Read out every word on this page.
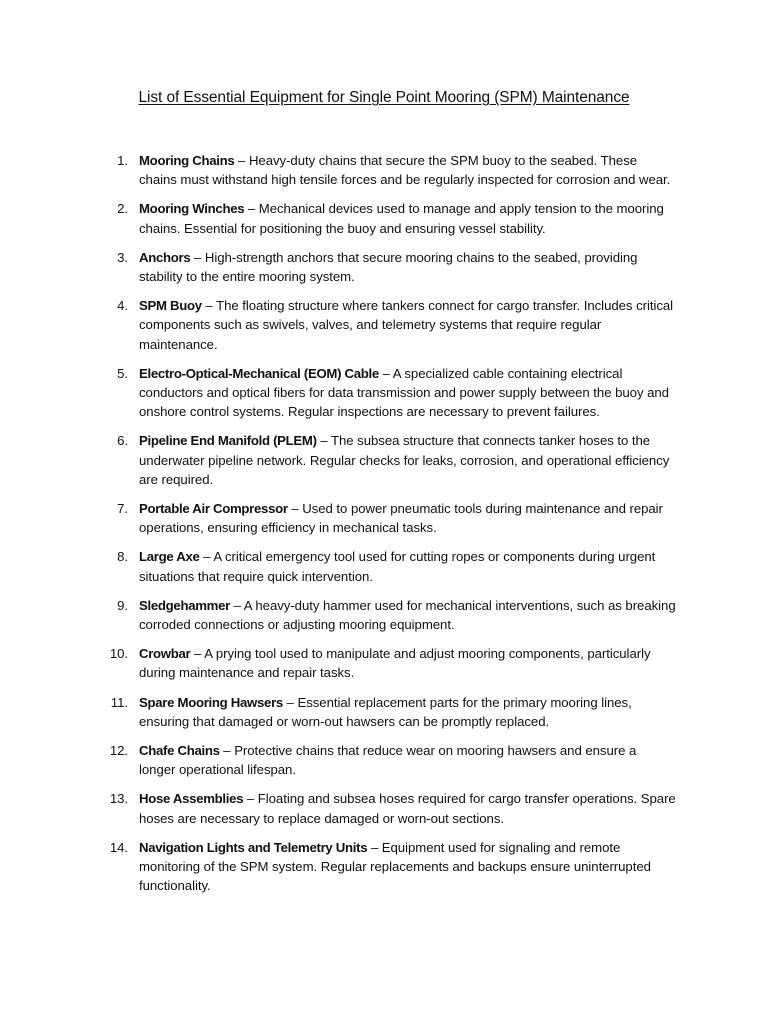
List of Essential Equipment for Single Point Mooring (SPM) Maintenance
1. Mooring Chains – Heavy-duty chains that secure the SPM buoy to the seabed. These chains must withstand high tensile forces and be regularly inspected for corrosion and wear.
2. Mooring Winches – Mechanical devices used to manage and apply tension to the mooring chains. Essential for positioning the buoy and ensuring vessel stability.
3. Anchors – High-strength anchors that secure mooring chains to the seabed, providing stability to the entire mooring system.
4. SPM Buoy – The floating structure where tankers connect for cargo transfer. Includes critical components such as swivels, valves, and telemetry systems that require regular maintenance.
5. Electro-Optical-Mechanical (EOM) Cable – A specialized cable containing electrical conductors and optical fibers for data transmission and power supply between the buoy and onshore control systems. Regular inspections are necessary to prevent failures.
6. Pipeline End Manifold (PLEM) – The subsea structure that connects tanker hoses to the underwater pipeline network. Regular checks for leaks, corrosion, and operational efficiency are required.
7. Portable Air Compressor – Used to power pneumatic tools during maintenance and repair operations, ensuring efficiency in mechanical tasks.
8. Large Axe – A critical emergency tool used for cutting ropes or components during urgent situations that require quick intervention.
9. Sledgehammer – A heavy-duty hammer used for mechanical interventions, such as breaking corroded connections or adjusting mooring equipment.
10. Crowbar – A prying tool used to manipulate and adjust mooring components, particularly during maintenance and repair tasks.
11. Spare Mooring Hawsers – Essential replacement parts for the primary mooring lines, ensuring that damaged or worn-out hawsers can be promptly replaced.
12. Chafe Chains – Protective chains that reduce wear on mooring hawsers and ensure a longer operational lifespan.
13. Hose Assemblies – Floating and subsea hoses required for cargo transfer operations. Spare hoses are necessary to replace damaged or worn-out sections.
14. Navigation Lights and Telemetry Units – Equipment used for signaling and remote monitoring of the SPM system. Regular replacements and backups ensure uninterrupted functionality.
